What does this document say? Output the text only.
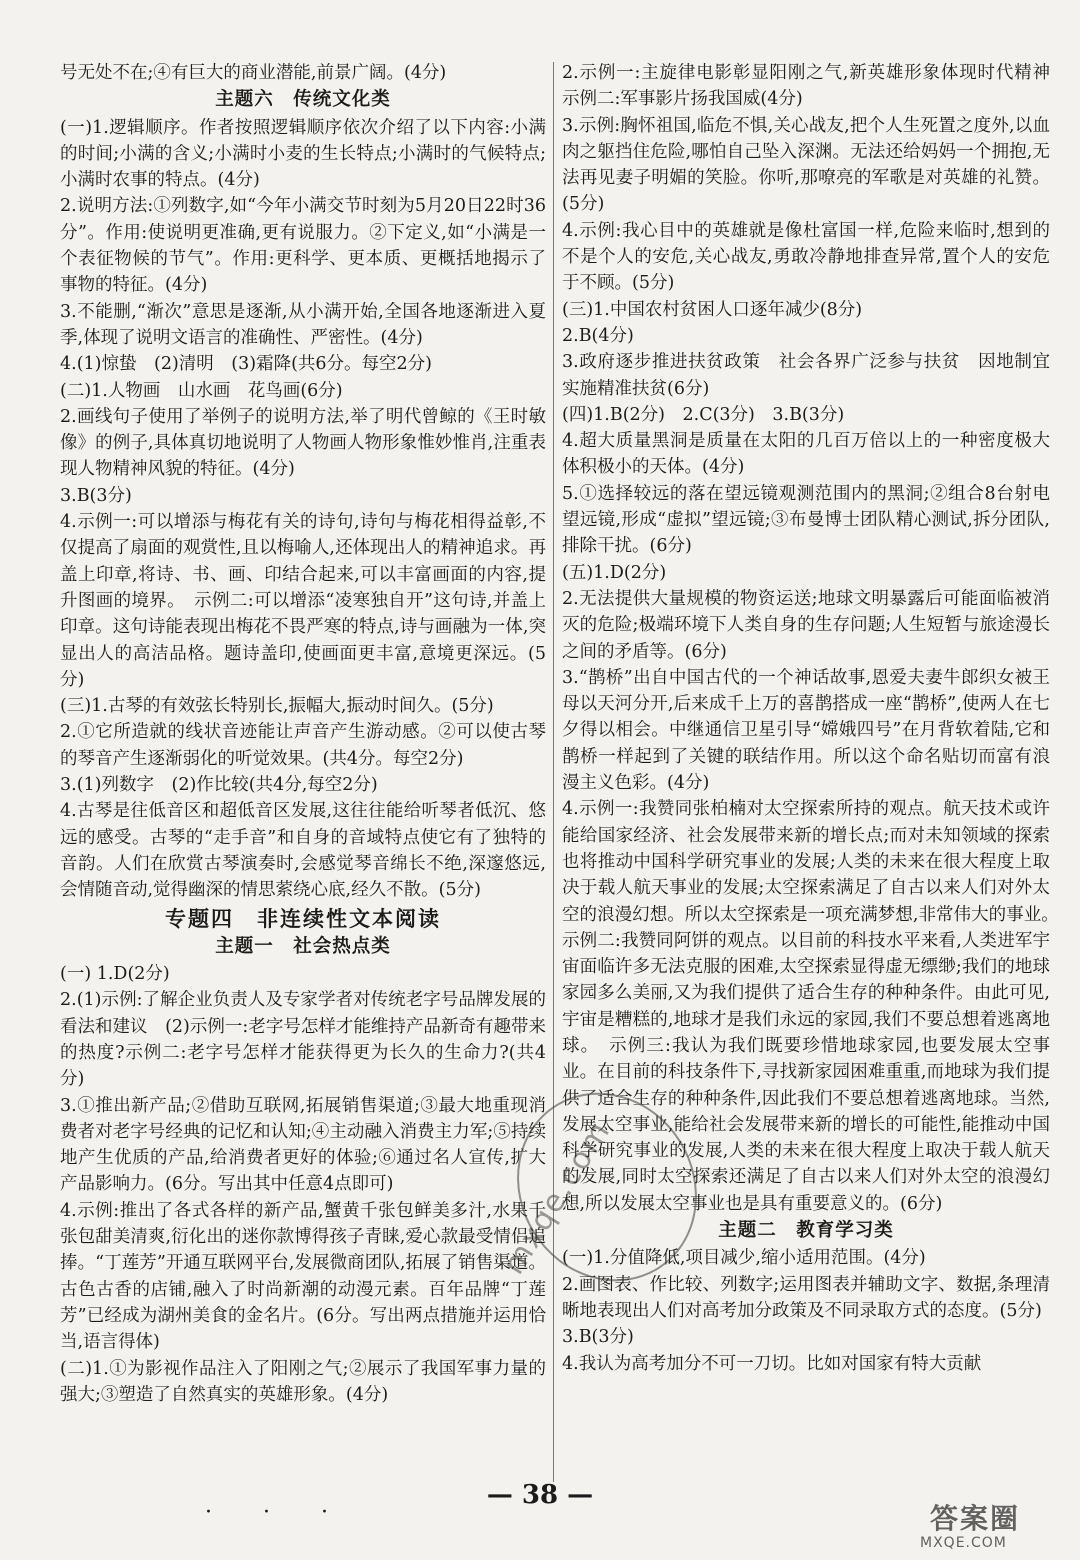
号无处不在;④有巨大的商业潜能,前景广阔。(4分)
主题六　传统文化类
(一)1.逻辑顺序。作者按照逻辑顺序依次介绍了以下内容:小满的时间;小满的含义;小满时小麦的生长特点;小满时的气候特点;小满时农事的特点。(4分)
2.说明方法:①列数字,如“今年小满交节时刻为5月20日22时36分”。作用:使说明更准确,更有说服力。②下定义,如“小满是一个表征物候的节气”。作用:更科学、更本质、更概括地揭示了事物的特征。(4分)
3.不能删,“渐次”意思是逐渐,从小满开始,全国各地逐渐进入夏季,体现了说明文语言的准确性、严密性。(4分)
4.(1)惊蛰　(2)清明　(3)霜降(共6分。每空2分)
(二)1.人物画　山水画　花鸟画(6分)
2.画线句子使用了举例子的说明方法,举了明代曾鲸的《王时敏像》的例子,具体真切地说明了人物画人物形象惟妙惟肖,注重表现人物精神风貌的特征。(4分)
3.B(3分)
4.示例一:可以增添与梅花有关的诗句,诗句与梅花相得益彰,不仅提高了扇面的观赏性,且以梅喻人,还体现出人的精神追求。再盖上印章,将诗、书、画、印结合起来,可以丰富画面的内容,提升图画的境界。　示例二:可以增添“凌寒独自开”这句诗,并盖上印章。这句诗能表现出梅花不畏严寒的特点,诗与画融为一体,突显出人的高洁品格。题诗盖印,使画面更丰富,意境更深远。(5分)
(三)1.古琴的有效弦长特别长,振幅大,振动时间久。(5分)
2.①它所造就的线状音迹能让声音产生游动感。②可以使古琴的琴音产生逐渐弱化的听觉效果。(共4分。每空2分)
3.(1)列数字　(2)作比较(共4分,每空2分)
4.古琴是往低音区和超低音区发展,这往往能给听琴者低沉、悠远的感受。古琴的“走手音”和自身的音域特点使它有了独特的音韵。人们在欣赏古琴演奏时,会感觉琴音绵长不绝,深邃悠远,会情随音动,觉得幽深的情思萦绕心底,经久不散。(5分)
专题四　非连续性文本阅读
主题一　社会热点类
(一) 1.D(2分)
2.(1)示例:了解企业负责人及专家学者对传统老字号品牌发展的看法和建议　(2)示例一:老字号怎样才能维持产品新奇有趣带来的热度?示例二:老字号怎样才能获得更为长久的生命力?(共4分)
3.①推出新产品;②借助互联网,拓展销售渠道;③最大地重现消费者对老字号经典的记忆和认知;④主动融入消费主力军;⑤持续地产生优质的产品,给消费者更好的体验;⑥通过名人宣传,扩大产品影响力。(6分。写出其中任意4点即可)
4.示例:推出了各式各样的新产品,蟹黄千张包鲜美多汁,水果千张包甜美清爽,衍化出的迷你款博得孩子青睐,爱心款最受情侣追捧。“丁莲芳”开通互联网平台,发展微商团队,拓展了销售渠道。古色古香的店铺,融入了时尚新潮的动漫元素。百年品牌“丁莲芳”已经成为湖州美食的金名片。(6分。写出两点措施并运用恰当,语言得体)
(二)1.①为影视作品注入了阳刚之气;②展示了我国军事力量的强大;③塑造了自然真实的英雄形象。(4分)
2.示例一:主旋律电影彰显阳刚之气,新英雄形象体现时代精神　示例二:军事影片扬我国威(4分)
3.示例:胸怀祖国,临危不惧,关心战友,把个人生死置之度外,以血肉之躯挡住危险,哪怕自己坠入深渊。无法还给妈妈一个拥抱,无法再见妻子明媚的笑脸。你听,那嘹亮的军歌是对英雄的礼赞。(5分)
4.示例:我心目中的英雄就是像杜富国一样,危险来临时,想到的不是个人的安危,关心战友,勇敢冷静地排查异常,置个人的安危于不顾。(5分)
(三)1.中国农村贫困人口逐年减少(8分)
2.B(4分)
3.政府逐步推进扶贫政策　社会各界广泛参与扶贫　因地制宜实施精准扶贫(6分)
(四)1.B(2分)　2.C(3分)　3.B(3分)
4.超大质量黑洞是质量在太阳的几百万倍以上的一种密度极大体积极小的天体。(4分)
5.①选择较远的落在望远镜观测范围内的黑洞;②组合8台射电望远镜,形成“虚拟”望远镜;③布曼博士团队精心测试,拆分团队,排除干扰。(6分)
(五)1.D(2分)
2.无法提供大量规模的物资运送;地球文明暴露后可能面临被消灭的危险;极端环境下人类自身的生存问题;人生短暂与旅途漫长之间的矛盾等。(6分)
3.“鹊桥”出自中国古代的一个神话故事,恩爱夫妻牛郎织女被王母以天河分开,后来成千上万的喜鹊搭成一座“鹊桥”,使两人在七夕得以相会。中继通信卫星引导“嫦娥四号”在月背软着陆,它和鹊桥一样起到了关键的联结作用。所以这个命名贴切而富有浪漫主义色彩。(4分)
4.示例一:我赞同张柏楠对太空探索所持的观点。航天技术或许能给国家经济、社会发展带来新的增长点;而对未知领域的探索也将推动中国科学研究事业的发展;人类的未来在很大程度上取决于载人航天事业的发展;太空探索满足了自古以来人们对外太空的浪漫幻想。所以太空探索是一项充满梦想,非常伟大的事业。　示例二:我赞同阿饼的观点。以目前的科技水平来看,人类进军宇宙面临许多无法克服的困难,太空探索显得虚无缥缈;我们的地球家园多么美丽,又为我们提供了适合生存的种种条件。由此可见,宇宙是糟糕的,地球才是我们永远的家园,我们不要总想着逃离地球。　示例三:我认为我们既要珍惜地球家园,也要发展太空事业。在目前的科技条件下,寻找新家园困难重重,而地球为我们提供了适合生存的种种条件,因此我们不要总想着逃离地球。当然,发展太空事业,能给社会发展带来新的增长的可能性,能推动中国科学研究事业的发展,人类的未来在很大程度上取决于载人航天的发展,同时太空探索还满足了自古以来人们对外太空的浪漫幻想,所以发展太空事业也是具有重要意义的。(6分)
主题二　教育学习类
(一)1.分值降低,项目减少,缩小适用范围。(4分)
2.画图表、作比较、列数字;运用图表并辅助文字、数据,条理清晰地表现出人们对高考加分政策及不同录取方式的态度。(5分)
3.B(3分)
4.我认为高考加分不可一刀切。比如对国家有特大贡献
mxqe.com
· · ·
— 38 —
答案圈
MXQE.COM
